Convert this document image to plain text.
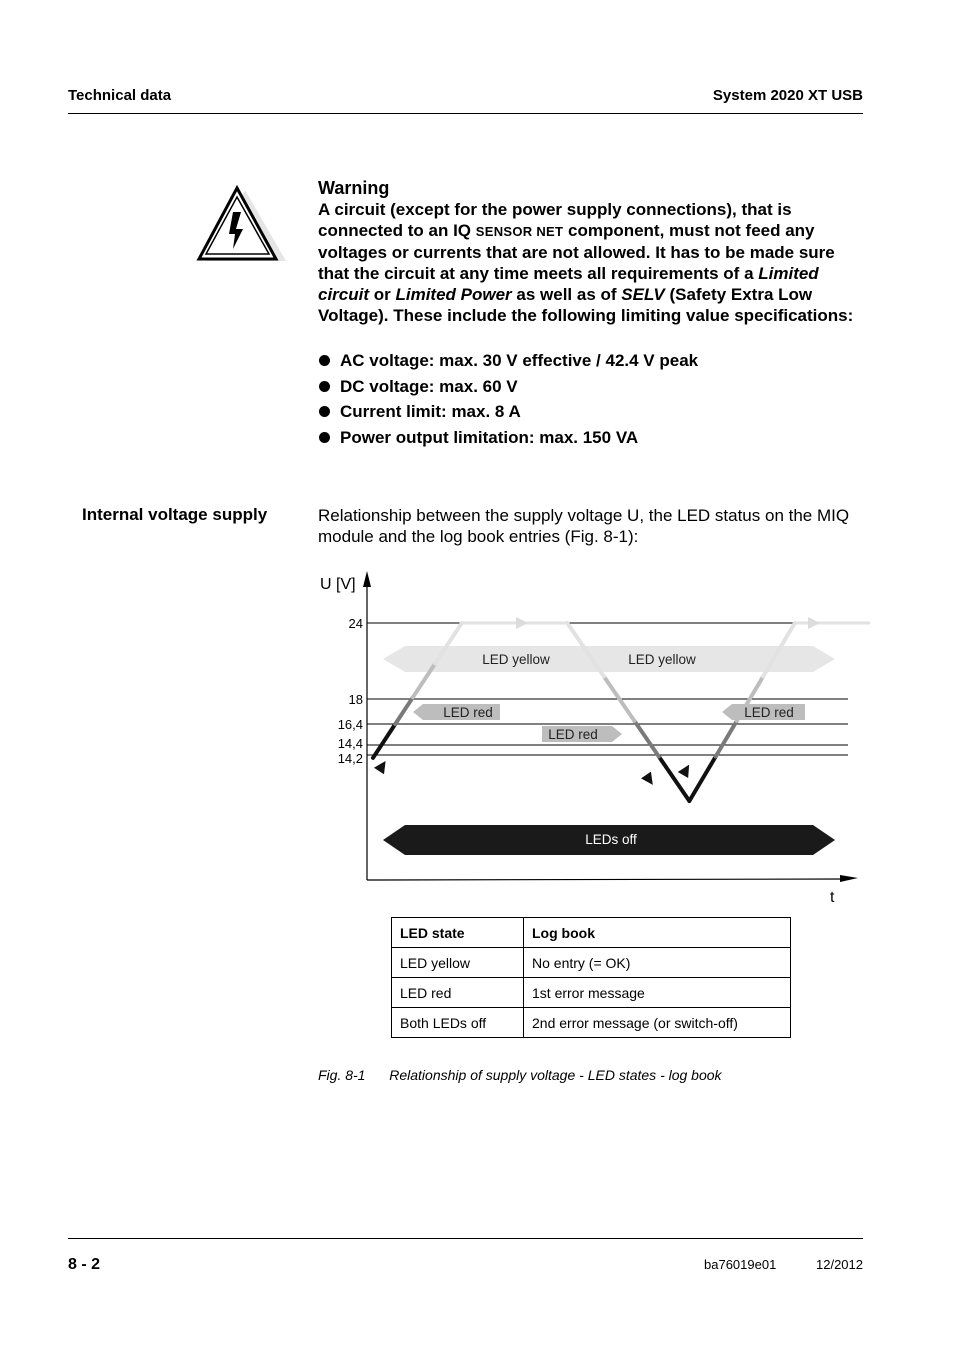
Technical data	System 2020 XT USB
Warning
A circuit (except for the power supply connections), that is connected to an IQ SENSOR NET component, must not feed any voltages or currents that are not allowed. It has to be made sure that the circuit at any time meets all requirements of a Limited circuit or Limited Power as well as of SELV (Safety Extra Low Voltage). These include the following limiting value specifications:
AC voltage: max. 30 V effective / 42.4 V peak
DC voltage: max. 60 V
Current limit: max. 8 A
Power output limitation: max. 150 VA
Internal voltage supply	Relationship between the supply voltage U, the LED status on the MIQ module and the log book entries (Fig. 8-1):
24
18
16,4
14,4
14,2
U [V]
t
LED yellow	LED yellow
LED red
LED red
LED red
LEDs off
LED state	Log book
LED yellow	No entry (= OK)
LED red	1st error message
Both LEDs off	2nd error message (or switch-off)
Fig. 8-1 Relationship of supply voltage - LED states - log book
8 - 2	ba76019e01	12/2012
